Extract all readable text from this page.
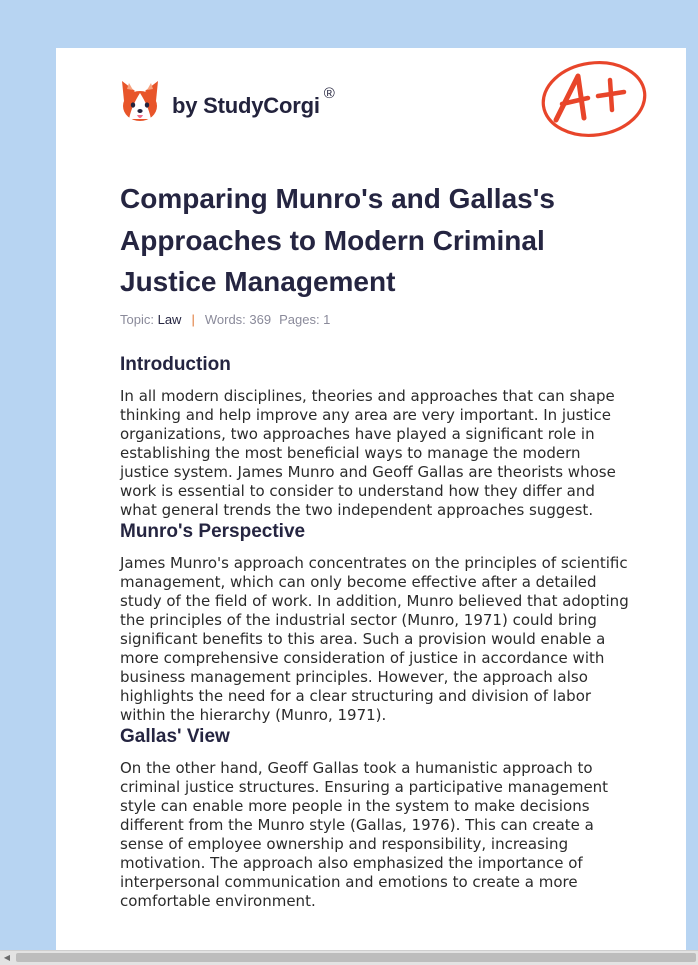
by StudyCorgi ®
Comparing Munro's and Gallas's Approaches to Modern Criminal Justice Management

Topic: Law | Words: 369 Pages: 1

Introduction

In all modern disciplines, theories and approaches that can shape thinking and help improve any area are very important. In justice organizations, two approaches have played a significant role in establishing the most beneficial ways to manage the modern justice system. James Munro and Geoff Gallas are theorists whose work is essential to consider to understand how they differ and what general trends the two independent approaches suggest.

Munro's Perspective

James Munro's approach concentrates on the principles of scientific management, which can only become effective after a detailed study of the field of work. In addition, Munro believed that adopting the principles of the industrial sector (Munro, 1971) could bring significant benefits to this area. Such a provision would enable a more comprehensive consideration of justice in accordance with business management principles. However, the approach also highlights the need for a clear structuring and division of labor within the hierarchy (Munro, 1971).

Gallas' View

On the other hand, Geoff Gallas took a humanistic approach to criminal justice structures. Ensuring a participative management style can enable more people in the system to make decisions different from the Munro style (Gallas, 1976). This can create a sense of employee ownership and responsibility, increasing motivation. The approach also emphasized the importance of interpersonal communication and emotions to create a more comfortable environment.

◀
